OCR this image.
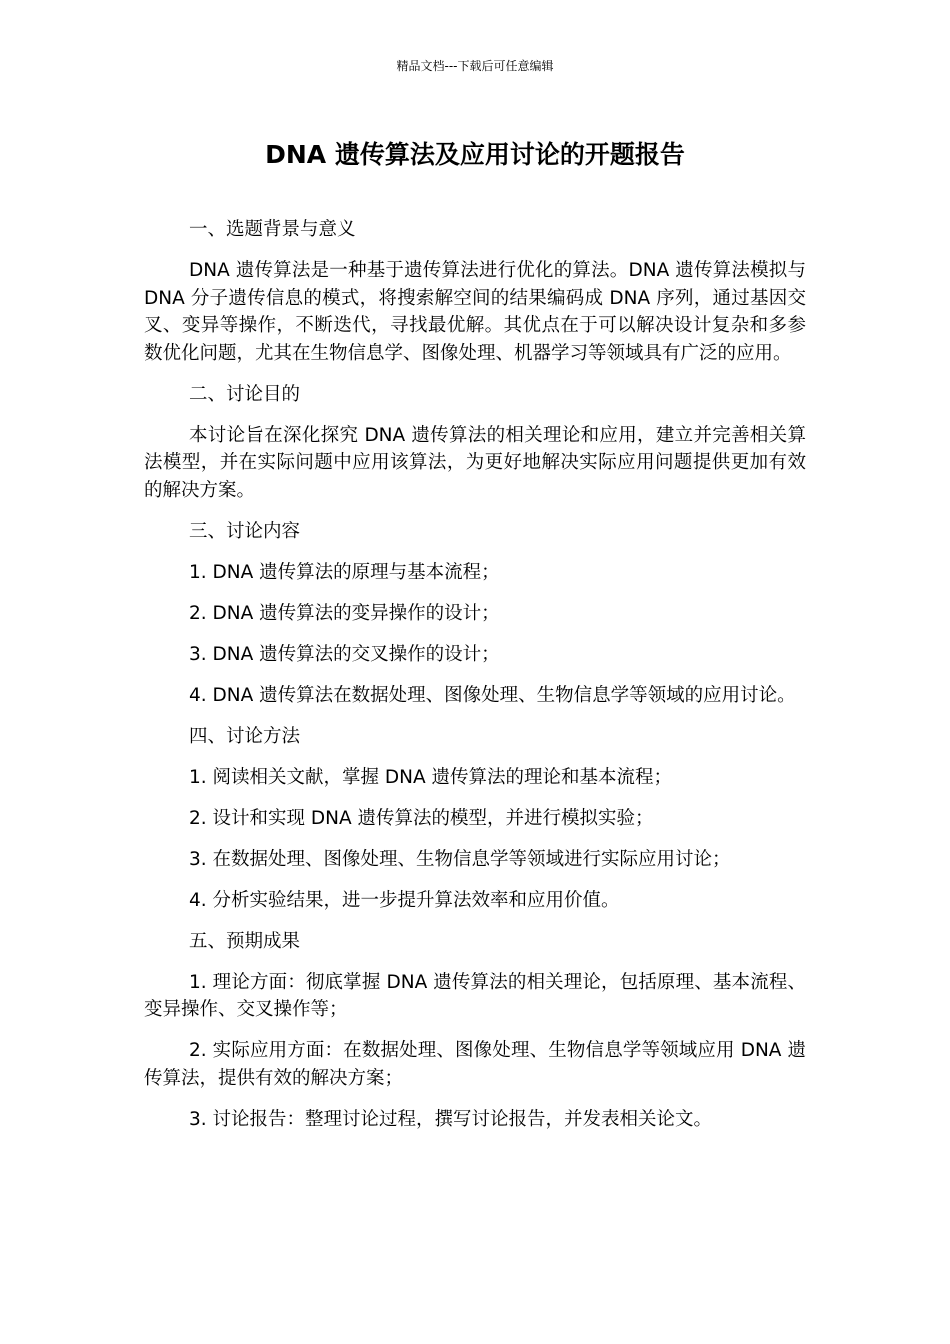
精品文档---下载后可任意编辑
DNA 遗传算法及应用讨论的开题报告

一、选题背景与意义

DNA 遗传算法是一种基于遗传算法进行优化的算法。DNA 遗传算法模拟与 DNA 分子遗传信息的模式，将搜索解空间的结果编码成 DNA 序列，通过基因交叉、变异等操作，不断迭代，寻找最优解。其优点在于可以解决设计复杂和多参数优化问题，尤其在生物信息学、图像处理、机器学习等领域具有广泛的应用。

二、讨论目的

本讨论旨在深化探究 DNA 遗传算法的相关理论和应用，建立并完善相关算法模型，并在实际问题中应用该算法，为更好地解决实际应用问题提供更加有效的解决方案。

三、讨论内容

1. DNA 遗传算法的原理与基本流程；

2. DNA 遗传算法的变异操作的设计；

3. DNA 遗传算法的交叉操作的设计；

4. DNA 遗传算法在数据处理、图像处理、生物信息学等领域的应用讨论。

四、讨论方法

1. 阅读相关文献，掌握 DNA 遗传算法的理论和基本流程；

2. 设计和实现 DNA 遗传算法的模型，并进行模拟实验；

3. 在数据处理、图像处理、生物信息学等领域进行实际应用讨论；

4. 分析实验结果，进一步提升算法效率和应用价值。

五、预期成果

1. 理论方面：彻底掌握 DNA 遗传算法的相关理论，包括原理、基本流程、变异操作、交叉操作等；

2. 实际应用方面：在数据处理、图像处理、生物信息学等领域应用 DNA 遗传算法，提供有效的解决方案；

3. 讨论报告：整理讨论过程，撰写讨论报告，并发表相关论文。
